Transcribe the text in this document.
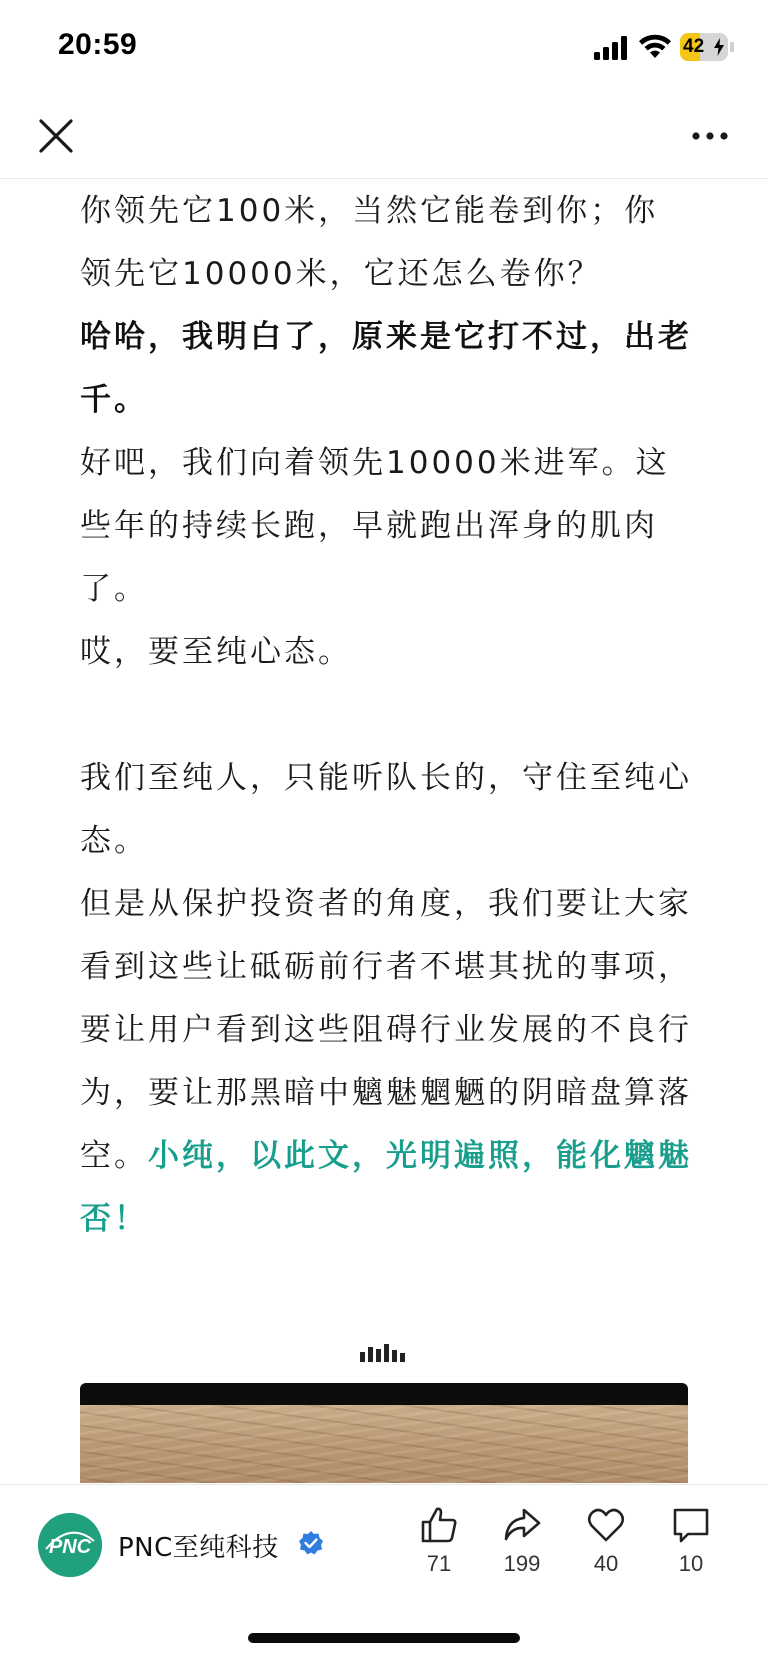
20:59	42

你领先它100米，当然它能卷到你；你领先它10000米，它还怎么卷你？

哈哈，我明白了，原来是它打不过，出老千。

好吧，我们向着领先10000米进军。这些年的持续长跑，早就跑出浑身的肌肉了。

哎，要至纯心态。

我们至纯人，只能听队长的，守住至纯心态。

但是从保护投资者的角度，我们要让大家看到这些让砥砺前行者不堪其扰的事项，要让用户看到这些阻碍行业发展的不良行为，要让那黑暗中魑魅魍魉的阴暗盘算落空。小纯，以此文，光明遍照，能化魑魅否！

PNC PNC至纯科技
71	199	40	10
